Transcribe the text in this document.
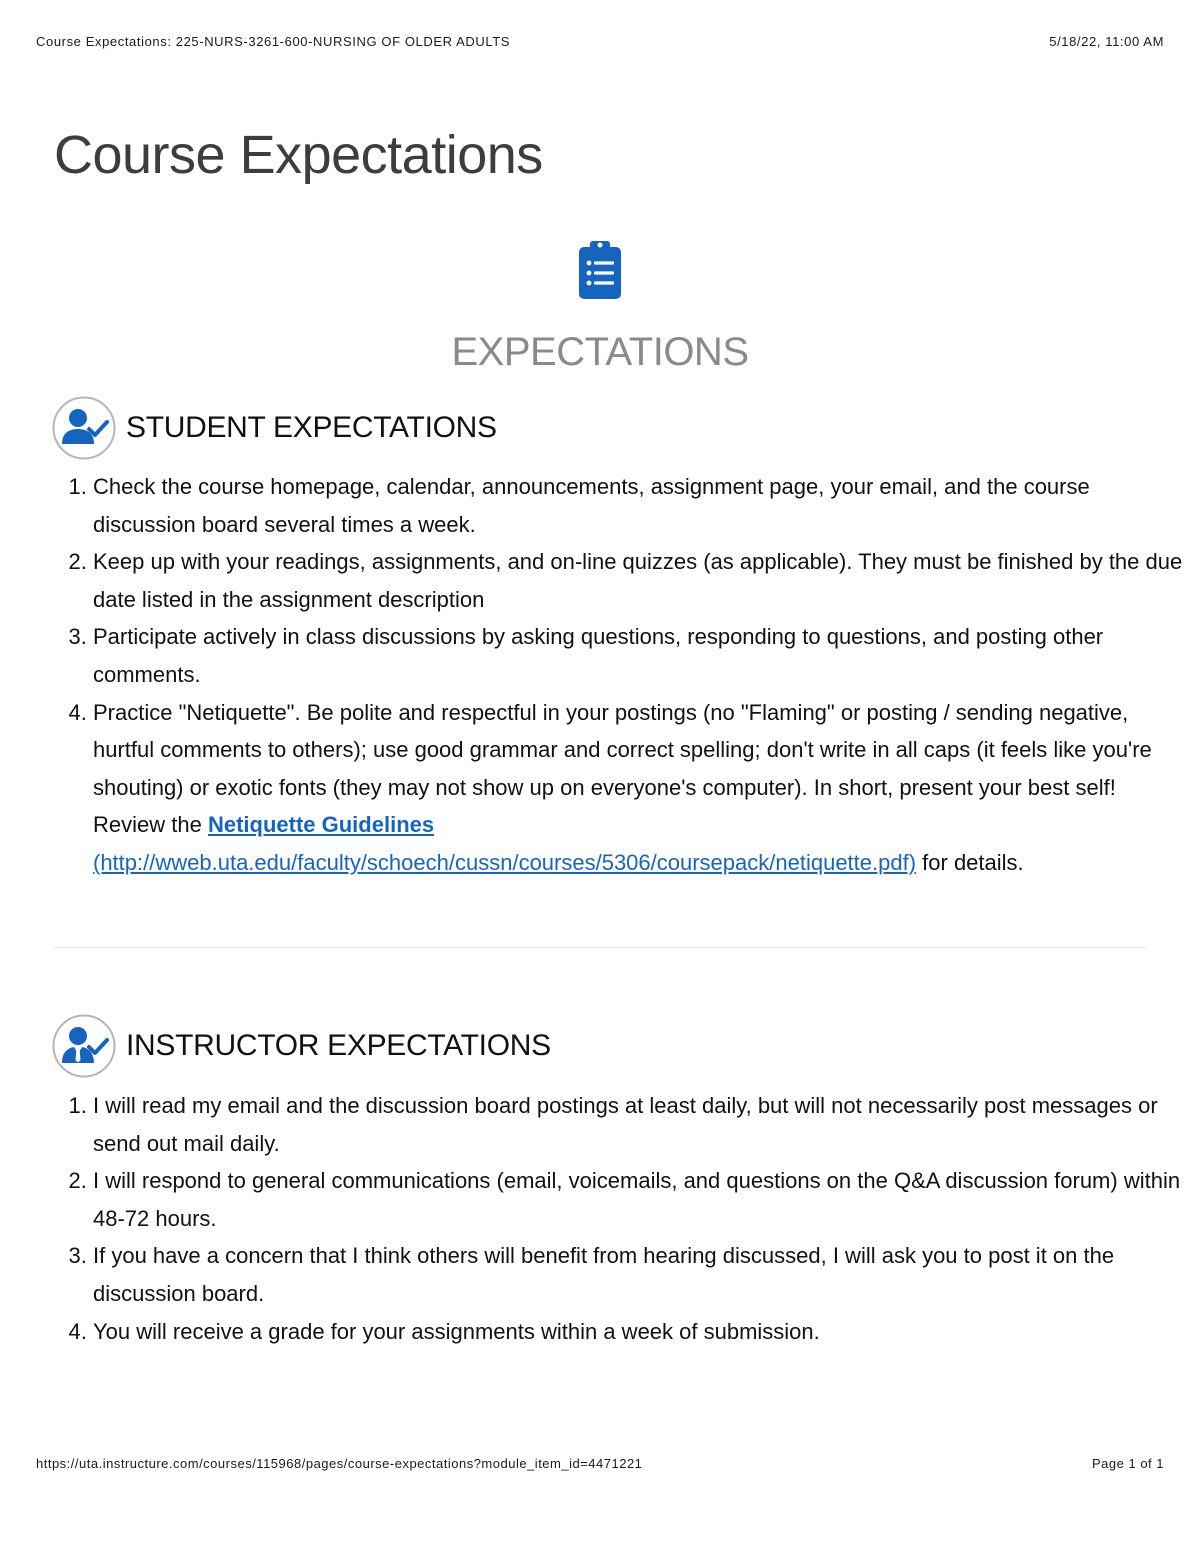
Course Expectations: 225-NURS-3261-600-NURSING OF OLDER ADULTS	5/18/22, 11:00 AM
Course Expectations
EXPECTATIONS
STUDENT EXPECTATIONS
1. Check the course homepage, calendar, announcements, assignment page, your email, and the course discussion board several times a week.
2. Keep up with your readings, assignments, and on-line quizzes (as applicable). They must be finished by the due date listed in the assignment description
3. Participate actively in class discussions by asking questions, responding to questions, and posting other comments.
4. Practice "Netiquette". Be polite and respectful in your postings (no "Flaming" or posting / sending negative, hurtful comments to others); use good grammar and correct spelling; don't write in all caps (it feels like you're shouting) or exotic fonts (they may not show up on everyone's computer). In short, present your best self! Review the Netiquette Guidelines (http://wweb.uta.edu/faculty/schoech/cussn/courses/5306/coursepack/netiquette.pdf) for details.
INSTRUCTOR EXPECTATIONS
1. I will read my email and the discussion board postings at least daily, but will not necessarily post messages or send out mail daily.
2. I will respond to general communications (email, voicemails, and questions on the Q&A discussion forum) within 48-72 hours.
3. If you have a concern that I think others will benefit from hearing discussed, I will ask you to post it on the discussion board.
4. You will receive a grade for your assignments within a week of submission.
https://uta.instructure.com/courses/115968/pages/course-expectations?module_item_id=4471221	Page 1 of 1
